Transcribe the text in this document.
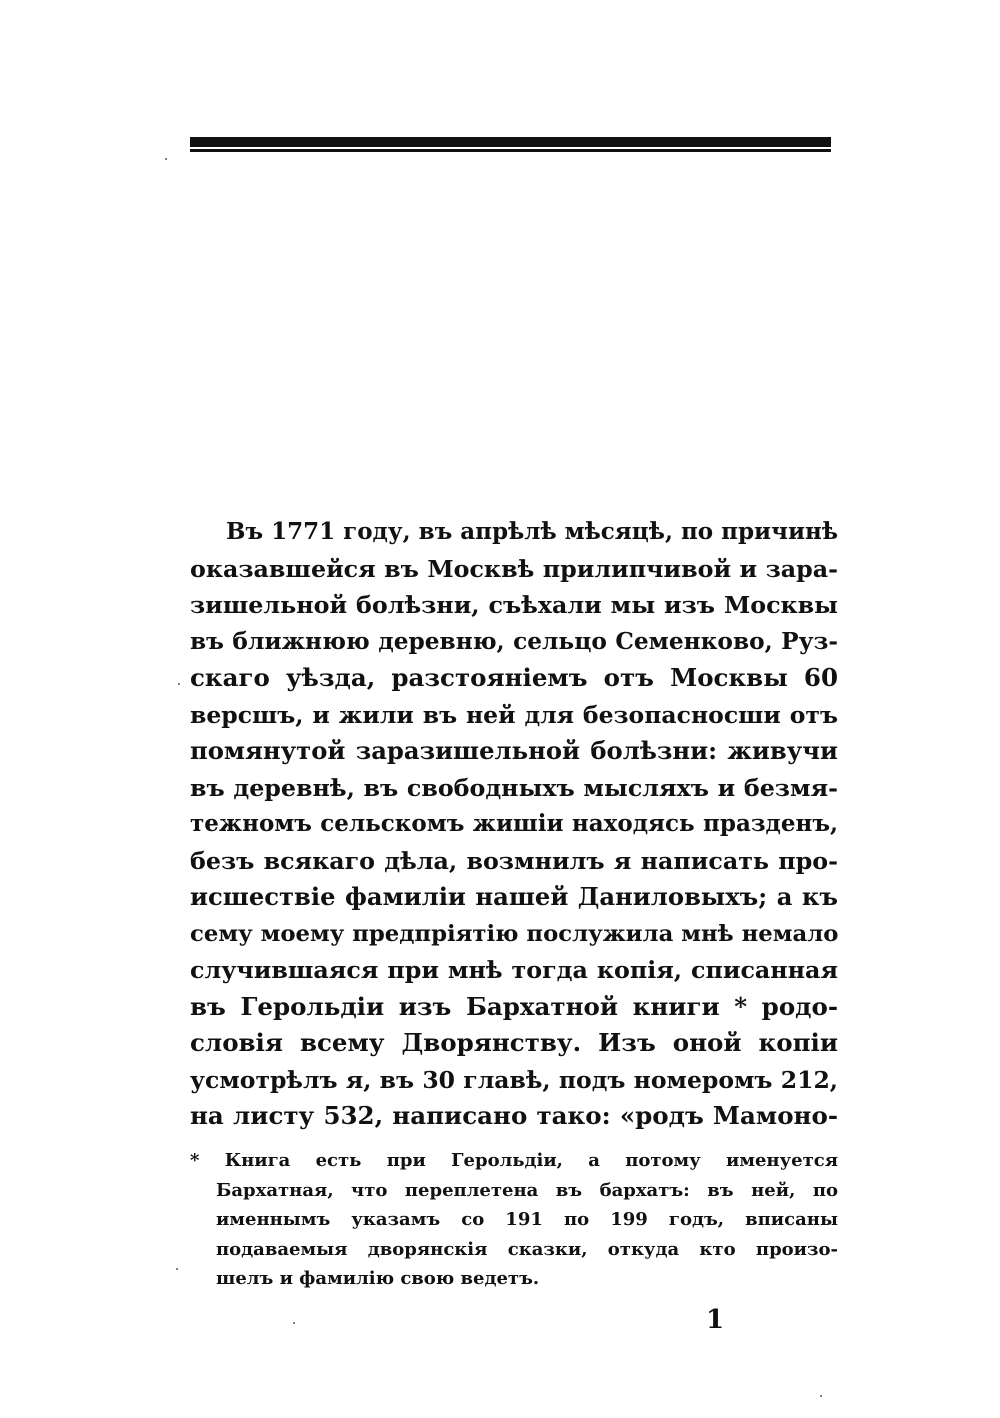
Въ 1771 году, въ апрѣлѣ мѣсяцѣ, по причинѣ
оказавшейся въ Москвѣ прилипчивой и зара-
зишельной болѣзни, съѣхали мы изъ Москвы
въ ближнюю деревню, сельцо Семенково, Руз-
скаго уѣзда, разстояніемъ отъ Москвы 60
версшъ, и жили въ ней для безопасносши отъ
помянутой заразишельной болѣзни: живучи
въ деревнѣ, въ свободныхъ мысляхъ и безмя-
тежномъ сельскомъ жишіи находясь празденъ,
безъ всякаго дѣла, возмнилъ я написать про-
исшествіе фамиліи нашей Даниловыхъ; а къ
сему моему предпріятію послужила мнѣ немало
случившаяся при мнѣ тогда копія, списанная
въ Герольдіи изъ Бархатной книги * родо-
словія всему Дворянству. Изъ оной копіи
усмотрѣлъ я, въ 30 главѣ, подъ номеромъ 212,
на листу 532, написано тако: «родъ Мамоно-
* Книга есть при Герольдіи, а потому именуется
Бархатная, что переплетена въ бархатъ: въ ней, по
именнымъ указамъ со 191 по 199 годъ, вписаны
подаваемыя дворянскія сказки, откуда кто произо-
шелъ и фамилію свою ведетъ.
1
